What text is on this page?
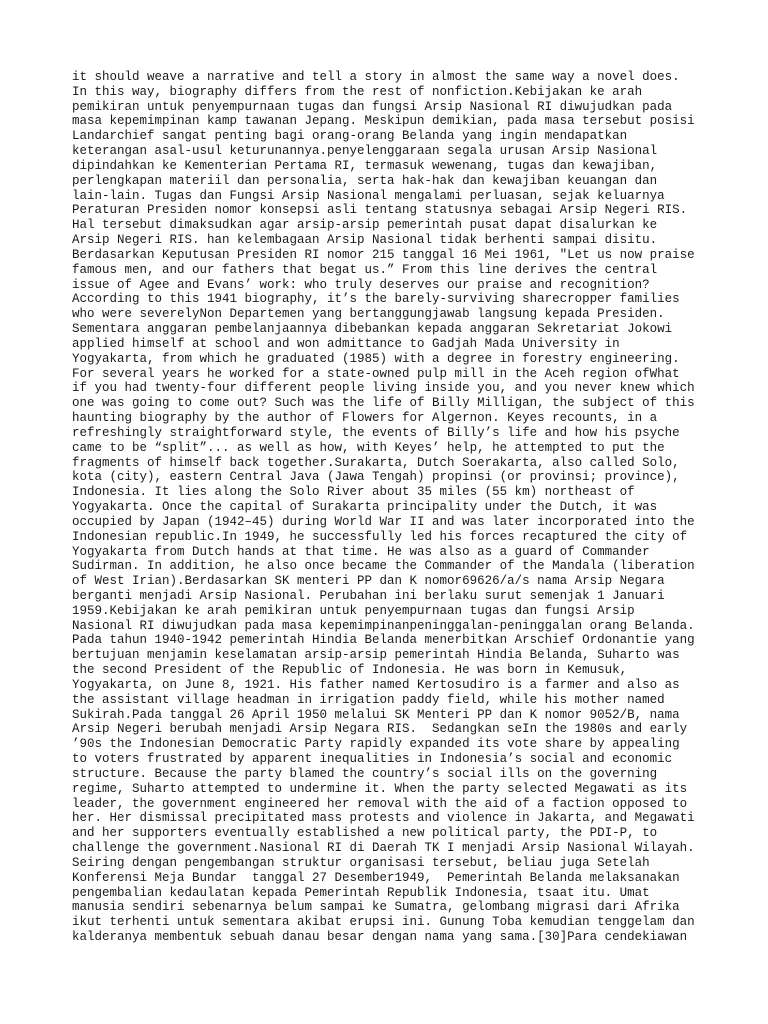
it should weave a narrative and tell a story in almost the same way a novel does.
In this way, biography differs from the rest of nonfiction.Kebijakan ke arah
pemikiran untuk penyempurnaan tugas dan fungsi Arsip Nasional RI diwujudkan pada
masa kepemimpinan kamp tawanan Jepang. Meskipun demikian, pada masa tersebut posisi
Landarchief sangat penting bagi orang-orang Belanda yang ingin mendapatkan
keterangan asal-usul keturunannya.penyelenggaraan segala urusan Arsip Nasional
dipindahkan ke Kementerian Pertama RI, termasuk wewenang, tugas dan kewajiban,
perlengkapan materiil dan personalia, serta hak-hak dan kewajiban keuangan dan
lain-lain. Tugas dan Fungsi Arsip Nasional mengalami perluasan, sejak keluarnya
Peraturan Presiden nomor konsepsi asli tentang statusnya sebagai Arsip Negeri RIS.
Hal tersebut dimaksudkan agar arsip-arsip pemerintah pusat dapat disalurkan ke
Arsip Negeri RIS. han kelembagaan Arsip Nasional tidak berhenti sampai disitu.
Berdasarkan Keputusan Presiden RI nomor 215 tanggal 16 Mei 1961, "Let us now praise
famous men, and our fathers that begat us.” From this line derives the central
issue of Agee and Evans’ work: who truly deserves our praise and recognition?
According to this 1941 biography, it’s the barely-surviving sharecropper families
who were severelyNon Departemen yang bertanggungjawab langsung kepada Presiden.
Sementara anggaran pembelanjaannya dibebankan kepada anggaran Sekretariat Jokowi
applied himself at school and won admittance to Gadjah Mada University in
Yogyakarta, from which he graduated (1985) with a degree in forestry engineering.
For several years he worked for a state-owned pulp mill in the Aceh region ofWhat
if you had twenty-four different people living inside you, and you never knew which
one was going to come out? Such was the life of Billy Milligan, the subject of this
haunting biography by the author of Flowers for Algernon. Keyes recounts, in a
refreshingly straightforward style, the events of Billy’s life and how his psyche
came to be “split”... as well as how, with Keyes’ help, he attempted to put the
fragments of himself back together.Surakarta, Dutch Soerakarta, also called Solo,
kota (city), eastern Central Java (Jawa Tengah) propinsi (or provinsi; province),
Indonesia. It lies along the Solo River about 35 miles (55 km) northeast of
Yogyakarta. Once the capital of Surakarta principality under the Dutch, it was
occupied by Japan (1942–45) during World War II and was later incorporated into the
Indonesian republic.In 1949, he successfully led his forces recaptured the city of
Yogyakarta from Dutch hands at that time. He was also as a guard of Commander
Sudirman. In addition, he also once became the Commander of the Mandala (liberation
of West Irian).Berdasarkan SK menteri PP dan K nomor69626/a/s nama Arsip Negara
berganti menjadi Arsip Nasional. Perubahan ini berlaku surut semenjak 1 Januari
1959.Kebijakan ke arah pemikiran untuk penyempurnaan tugas dan fungsi Arsip
Nasional RI diwujudkan pada masa kepemimpinanpeninggalan-peninggalan orang Belanda.
Pada tahun 1940-1942 pemerintah Hindia Belanda menerbitkan Arschief Ordonantie yang
bertujuan menjamin keselamatan arsip-arsip pemerintah Hindia Belanda, Suharto was
the second President of the Republic of Indonesia. He was born in Kemusuk,
Yogyakarta, on June 8, 1921. His father named Kertosudiro is a farmer and also as
the assistant village headman in irrigation paddy field, while his mother named
Sukirah.Pada tanggal 26 April 1950 melalui SK Menteri PP dan K nomor 9052/B, nama
Arsip Negeri berubah menjadi Arsip Negara RIS.  Sedangkan seIn the 1980s and early
’90s the Indonesian Democratic Party rapidly expanded its vote share by appealing
to voters frustrated by apparent inequalities in Indonesia’s social and economic
structure. Because the party blamed the country’s social ills on the governing
regime, Suharto attempted to undermine it. When the party selected Megawati as its
leader, the government engineered her removal with the aid of a faction opposed to
her. Her dismissal precipitated mass protests and violence in Jakarta, and Megawati
and her supporters eventually established a new political party, the PDI-P, to
challenge the government.Nasional RI di Daerah TK I menjadi Arsip Nasional Wilayah.
Seiring dengan pengembangan struktur organisasi tersebut, beliau juga Setelah
Konferensi Meja Bundar  tanggal 27 Desember1949,  Pemerintah Belanda melaksanakan
pengembalian kedaulatan kepada Pemerintah Republik Indonesia, tsaat itu. Umat
manusia sendiri sebenarnya belum sampai ke Sumatra, gelombang migrasi dari Afrika
ikut terhenti untuk sementara akibat erupsi ini. Gunung Toba kemudian tenggelam dan
kalderanya membentuk sebuah danau besar dengan nama yang sama.[30]Para cendekiawan
